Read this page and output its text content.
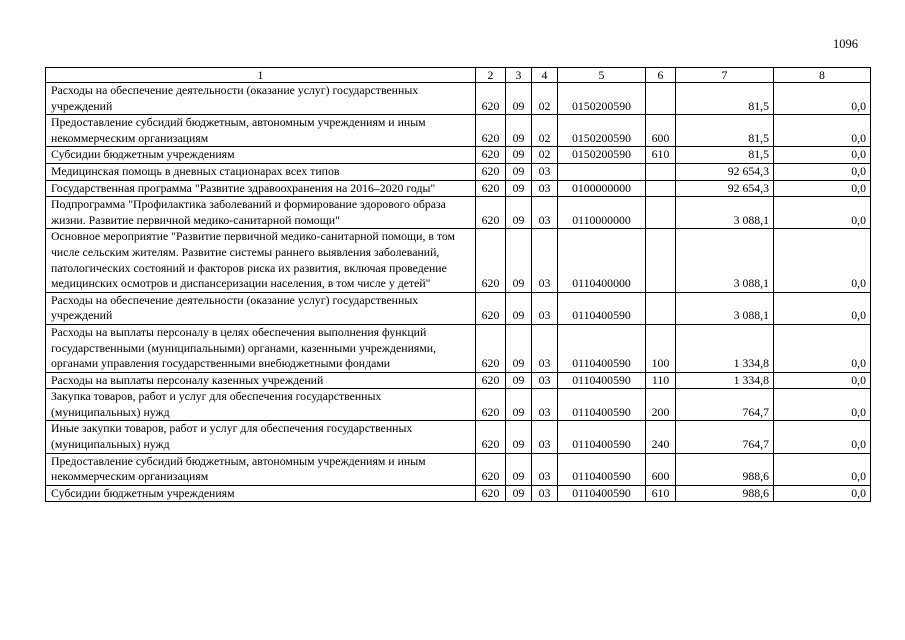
1096
1	2	3	4	5	6	7	8
Расходы на обеспечение деятельности (оказание услуг) государственных учреждений	620	09	02	0150200590		81,5	0,0
Предоставление субсидий бюджетным, автономным учреждениям и иным некоммерческим организациям	620	09	02	0150200590	600	81,5	0,0
Субсидии бюджетным учреждениям	620	09	02	0150200590	610	81,5	0,0
Медицинская помощь в дневных стационарах всех типов	620	09	03			92 654,3	0,0
Государственная программа "Развитие здравоохранения на 2016–2020 годы"	620	09	03	0100000000		92 654,3	0,0
Подпрограмма "Профилактика заболеваний и формирование здорового образа жизни. Развитие первичной медико-санитарной помощи"	620	09	03	0110000000		3 088,1	0,0
Основное мероприятие "Развитие первичной медико-санитарной помощи, в том числе сельским жителям. Развитие системы раннего выявления заболеваний, патологических состояний и факторов риска их развития, включая проведение медицинских осмотров и диспансеризации населения, в том числе у детей"	620	09	03	0110400000		3 088,1	0,0
Расходы на обеспечение деятельности (оказание услуг) государственных учреждений	620	09	03	0110400590		3 088,1	0,0
Расходы на выплаты персоналу в целях обеспечения выполнения функций государственными (муниципальными) органами, казенными учреждениями, органами управления государственными внебюджетными фондами	620	09	03	0110400590	100	1 334,8	0,0
Расходы на выплаты персоналу казенных учреждений	620	09	03	0110400590	110	1 334,8	0,0
Закупка товаров, работ и услуг для обеспечения государственных (муниципальных) нужд	620	09	03	0110400590	200	764,7	0,0
Иные закупки товаров, работ и услуг для обеспечения государственных (муниципальных) нужд	620	09	03	0110400590	240	764,7	0,0
Предоставление субсидий бюджетным, автономным учреждениям и иным некоммерческим организациям	620	09	03	0110400590	600	988,6	0,0
Субсидии бюджетным учреждениям	620	09	03	0110400590	610	988,6	0,0
